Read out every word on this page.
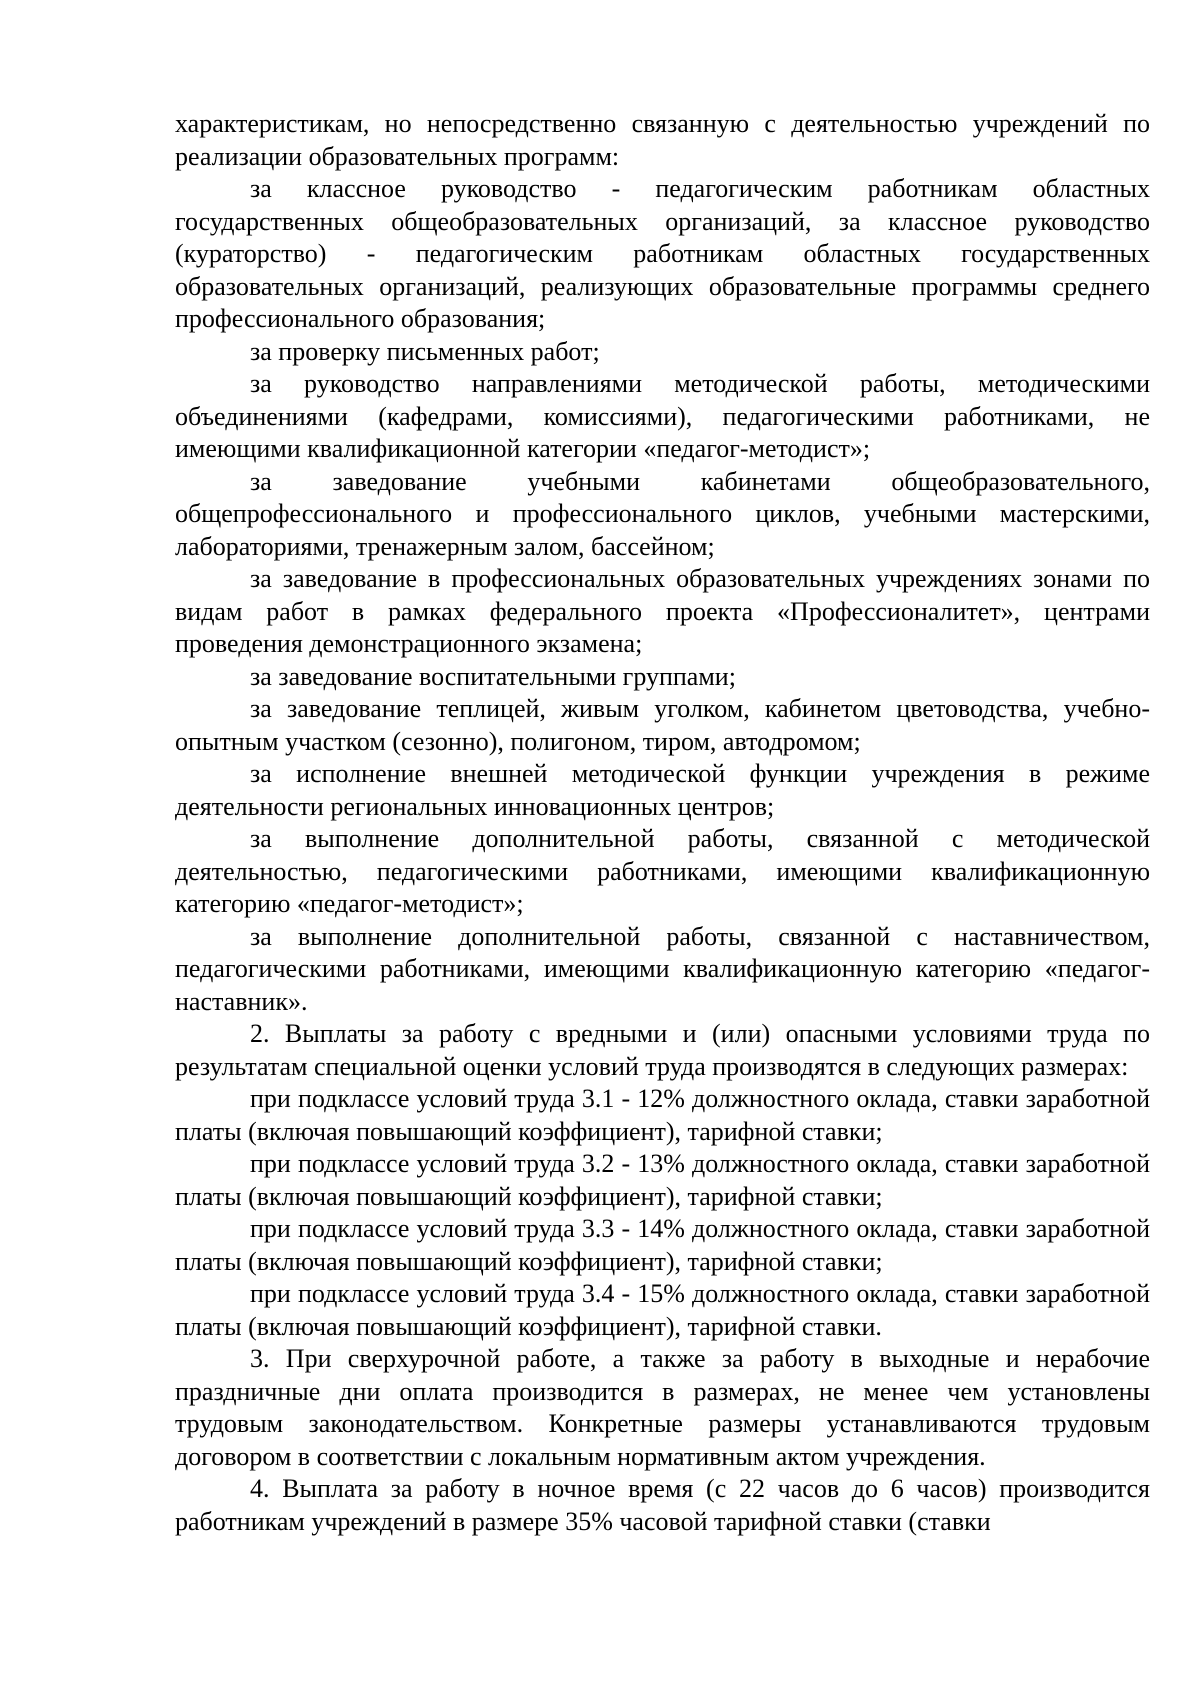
характеристикам, но непосредственно связанную с деятельностью учреждений по реализации образовательных программ:

за классное руководство - педагогическим работникам областных государственных общеобразовательных организаций, за классное руководство (кураторство) - педагогическим работникам областных государственных образовательных организаций, реализующих образовательные программы среднего профессионального образования;

за проверку письменных работ;

за руководство направлениями методической работы, методическими объединениями (кафедрами, комиссиями), педагогическими работниками, не имеющими квалификационной категории «педагог-методист»;

за заведование учебными кабинетами общеобразовательного, общепрофессионального и профессионального циклов, учебными мастерскими, лабораториями, тренажерным залом, бассейном;

за заведование в профессиональных образовательных учреждениях зонами по видам работ в рамках федерального проекта «Профессионалитет», центрами проведения демонстрационного экзамена;

за заведование воспитательными группами;

за заведование теплицей, живым уголком, кабинетом цветоводства, учебно-опытным участком (сезонно), полигоном, тиром, автодромом;

за исполнение внешней методической функции учреждения в режиме деятельности региональных инновационных центров;

за выполнение дополнительной работы, связанной с методической деятельностью, педагогическими работниками, имеющими квалификационную категорию «педагог-методист»;

за выполнение дополнительной работы, связанной с наставничеством, педагогическими работниками, имеющими квалификационную категорию «педагог-наставник».

2. Выплаты за работу с вредными и (или) опасными условиями труда по результатам специальной оценки условий труда производятся в следующих размерах:

при подклассе условий труда 3.1 - 12% должностного оклада, ставки заработной платы (включая повышающий коэффициент), тарифной ставки;

при подклассе условий труда 3.2 - 13% должностного оклада, ставки заработной платы (включая повышающий коэффициент), тарифной ставки;

при подклассе условий труда 3.3 - 14% должностного оклада, ставки заработной платы (включая повышающий коэффициент), тарифной ставки;

при подклассе условий труда 3.4 - 15% должностного оклада, ставки заработной платы (включая повышающий коэффициент), тарифной ставки.

3. При сверхурочной работе, а также за работу в выходные и нерабочие праздничные дни оплата производится в размерах, не менее чем установлены трудовым законодательством. Конкретные размеры устанавливаются трудовым договором в соответствии с локальным нормативным актом учреждения.

4. Выплата за работу в ночное время (с 22 часов до 6 часов) производится работникам учреждений в размере 35% часовой тарифной ставки (ставки
